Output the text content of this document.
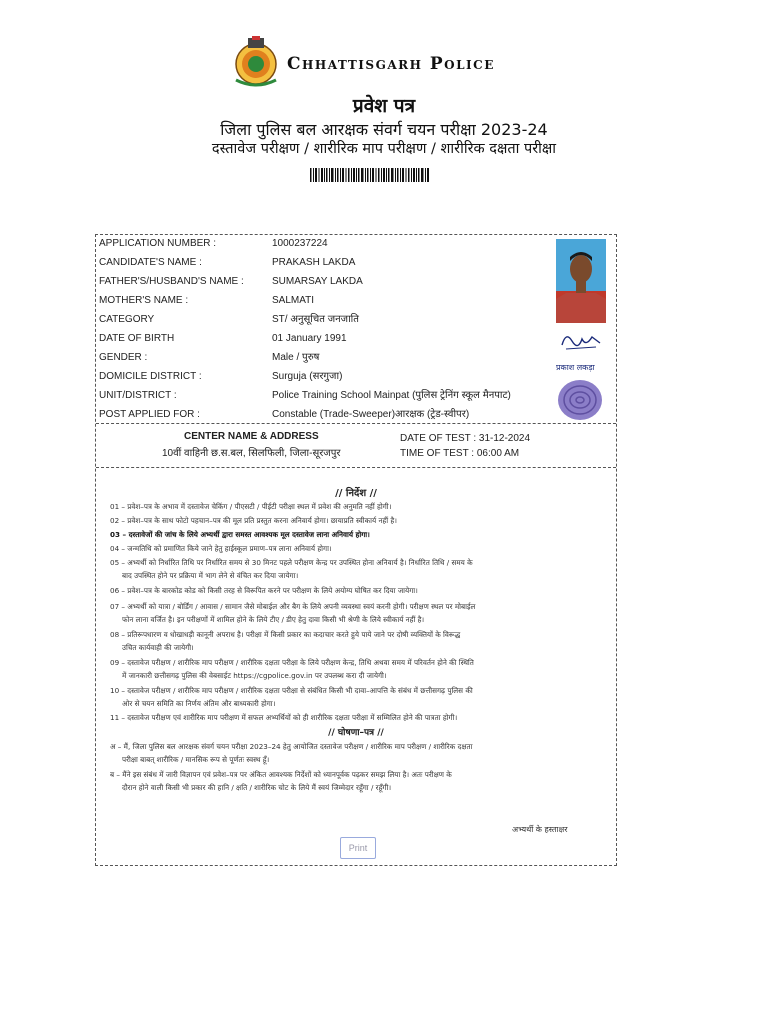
Chhattisgarh Police
प्रवेश पत्र
जिला पुलिस बल आरक्षक संवर्ग चयन परीक्षा 2023-24
दस्तावेज परीक्षण / शारीरिक माप परीक्षण / शारीरिक दक्षता परीक्षा
APPLICATION NUMBER :	1000237224
CANDIDATE'S NAME :	PRAKASH LAKDA
FATHER'S/HUSBAND'S NAME :	SUMARSAY LAKDA
MOTHER'S NAME :	SALMATI
CATEGORY	ST/ अनुसूचित जनजाति
DATE OF BIRTH	01 January 1991
GENDER :	Male / पुरुष
DOMICILE DISTRICT :	Surguja (सरगुजा)
UNIT/DISTRICT :	Police Training School Mainpat (पुलिस ट्रेनिंग स्कूल मैनपाट)
POST APPLIED FOR :	Constable (Trade-Sweeper)आरक्षक (ट्रेड-स्वीपर)
प्रकाश लकड़ा
CENTER NAME & ADDRESS
10वीं वाहिनी छ.स.बल, सिलफिली, जिला-सूरजपुर
DATE OF TEST : 31-12-2024
TIME OF TEST : 06:00 AM
// निर्देश //
01 – प्रवेश–पत्र के अभाव में दस्तावेज चेकिंग / पीएसटी / पीईटी परीक्षा स्थल में प्रवेश की अनुमति नहीं होगी।
02 – प्रवेश–पत्र के साथ फोटो पहचान–पत्र की मूल प्रति प्रस्तुत करना अनिवार्य होगा। छायाप्रति स्वीकार्य नहीं है।
03 – दस्तावेजों की जांच के लिये अभ्यर्थी द्वारा समस्त आवश्यक मूल दस्तावेज लाना अनिवार्य होगा।
04 – जन्मतिथि को प्रमाणित किये जाने हेतु हाईस्कूल प्रमाण–पत्र लाना अनिवार्य होगा।
05 – अभ्यर्थी को निर्धारित तिथि पर निर्धारित समय से 30 मिनट पहले परीक्षण केन्द्र पर उपस्थित होना अनिवार्य है। निर्धारित तिथि / समय के
बाद उपस्थित होने पर प्रक्रिया में भाग लेने से वंचित कर दिया जायेगा।
06 – प्रवेश–पत्र के बारकोड कोड को किसी तरह से विरूपित करने पर परीक्षण के लिये अयोग्य घोषित कर दिया जायेगा।
07 – अभ्यर्थी को यात्रा / बोर्डिंग / आवास / सामान जैसे मोबाईल और बैग के लिये अपनी व्यवस्था स्वयं करनी होगी। परीक्षण स्थल पर मोबाईल
फोन लाना वर्जित है। इन परीक्षणों में शामिल होने के लिये टीए / डीए हेतु दावा किसी भी श्रेणी के लिये स्वीकार्य नहीं है।
08 – प्रतिरूपधारण व धोखाधड़ी कानूनी अपराध है। परीक्षा में किसी प्रकार का कदाचार करते हुये पाये जाने पर दोषी व्यक्तियों के विरूद्ध
उचित कार्यवाही की जायेगी।
09 – दस्तावेज परीक्षण / शारीरिक माप परीक्षण / शारीरिक दक्षता परीक्षा के लिये परीक्षण केन्द्र, तिथि अथवा समय में परिवर्तन होने की स्थिति
में जानकारी छत्तीसगढ़ पुलिस की वेबसाईट https://cgpolice.gov.in पर उपलब्ध करा दी जायेगी।
10 – दस्तावेज परीक्षण / शारीरिक माप परीक्षण / शारीरिक दक्षता परीक्षा से संबंधित किसी भी दावा–आपत्ति के संबंध में छत्तीसगढ़ पुलिस की
ओर से चयन समिति का निर्णय अंतिम और बाध्यकारी होगा।
11 – दस्तावेज परीक्षण एवं शारीरिक माप परीक्षण में सफल अभ्यर्थियों को ही शारीरिक दक्षता परीक्षा में सम्मिलित होने की पात्रता होगी।
// घोषणा–पत्र //
अ – मैं, जिला पुलिस बल आरक्षक संवर्ग चयन परीक्षा 2023–24 हेतु आयोजित दस्तावेज परीक्षण / शारीरिक माप परीक्षण / शारीरिक दक्षता
परीक्षा बाबत् शारीरिक / मानसिक रूप से पूर्णतः स्वस्थ हूँ।
ब – मैंने इस संबंध में जारी विज्ञापन एवं प्रवेश–पत्र पर अंकित आवश्यक निर्देशों को ध्यानपूर्वक पढ़कर समझ लिया है। अतः परीक्षण के
दौरान होने वाली किसी भी प्रकार की हानि / क्षति / शारीरिक चोट के लिये मैं स्वयं जिम्मेदार रहूँगा / रहूँगी।
अभ्यर्थी के हस्ताक्षर
Print
